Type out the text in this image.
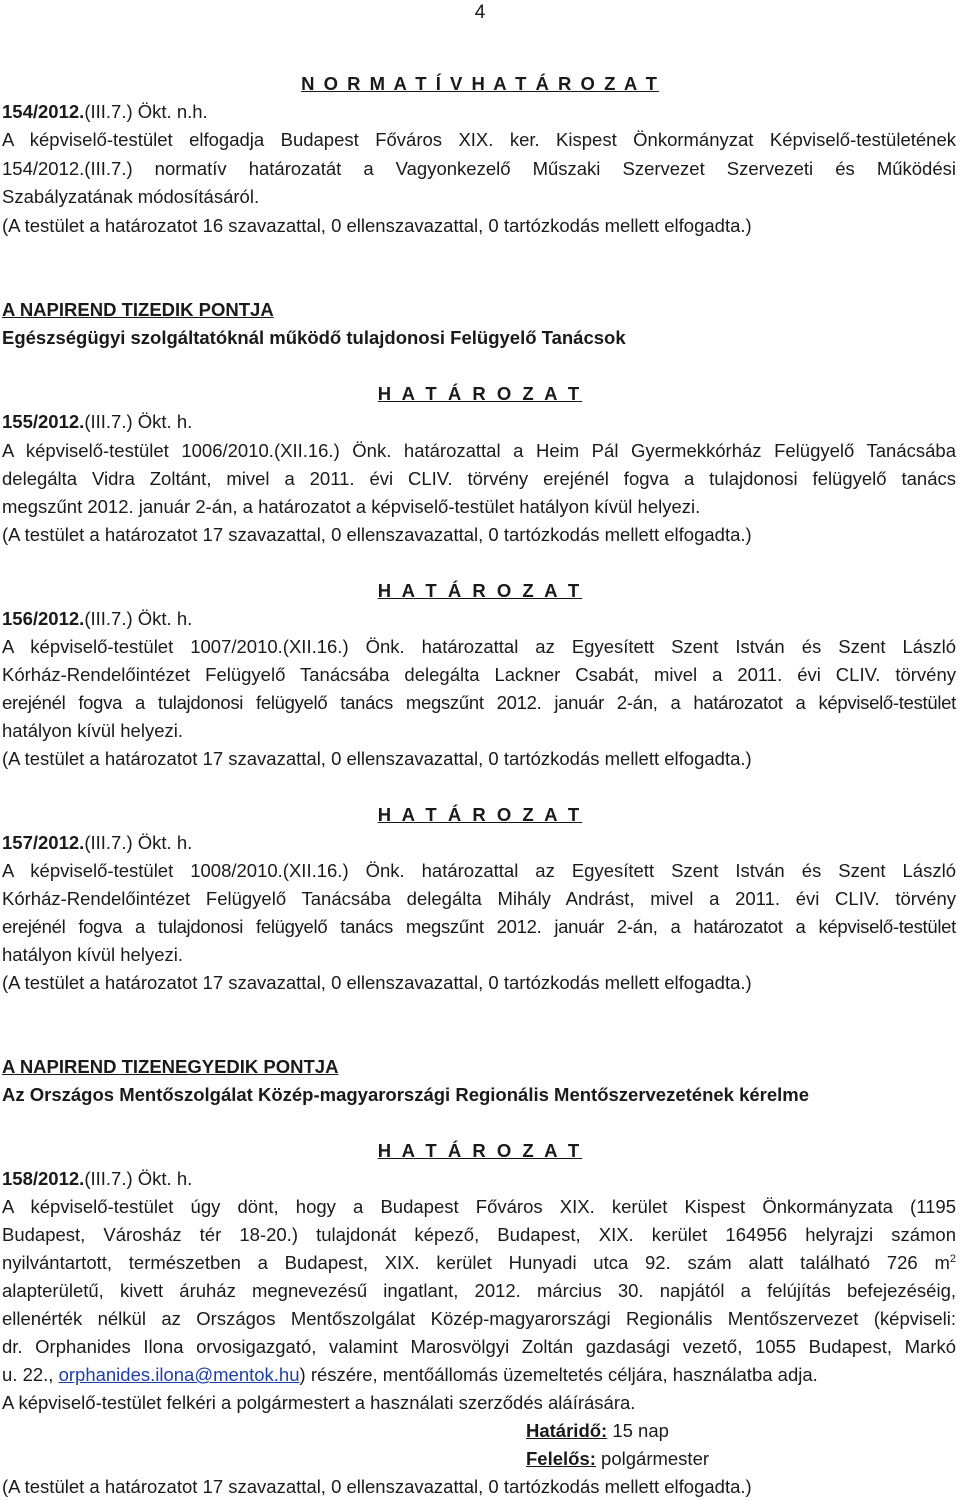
4
N O R M A T Í V H A T Á R O Z A T
154/2012.(III.7.) Ökt. n.h.
A képviselő-testület elfogadja Budapest Főváros XIX. ker. Kispest Önkormányzat Képviselő-testületének
154/2012.(III.7.) normatív határozatát a Vagyonkezelő Műszaki Szervezet Szervezeti és Működési
Szabályzatának módosításáról.
(A testület a határozatot 16 szavazattal, 0 ellenszavazattal, 0 tartózkodás mellett elfogadta.)
A NAPIREND TIZEDIK PONTJA
Egészségügyi szolgáltatóknál működő tulajdonosi Felügyelő Tanácsok
H A T Á R O Z A T
155/2012.(III.7.) Ökt. h.
A képviselő-testület 1006/2010.(XII.16.) Önk. határozattal a Heim Pál Gyermekkórház Felügyelő Tanácsába
delegálta Vidra Zoltánt, mivel a 2011. évi CLIV. törvény erejénél fogva a tulajdonosi felügyelő tanács
megszűnt 2012. január 2-án, a határozatot a képviselő-testület hatályon kívül helyezi.
(A testület a határozatot 17 szavazattal, 0 ellenszavazattal, 0 tartózkodás mellett elfogadta.)
H A T Á R O Z A T
156/2012.(III.7.) Ökt. h.
A képviselő-testület 1007/2010.(XII.16.) Önk. határozattal az Egyesített Szent István és Szent László
Kórház-Rendelőintézet Felügyelő Tanácsába delegálta Lackner Csabát, mivel a 2011. évi CLIV. törvény
erejénél fogva a tulajdonosi felügyelő tanács megszűnt 2012. január 2-án, a határozatot a képviselő-testület
hatályon kívül helyezi.
(A testület a határozatot 17 szavazattal, 0 ellenszavazattal, 0 tartózkodás mellett elfogadta.)
H A T Á R O Z A T
157/2012.(III.7.) Ökt. h.
A képviselő-testület 1008/2010.(XII.16.) Önk. határozattal az Egyesített Szent István és Szent László
Kórház-Rendelőintézet Felügyelő Tanácsába delegálta Mihály Andrást, mivel a 2011. évi CLIV. törvény
erejénél fogva a tulajdonosi felügyelő tanács megszűnt 2012. január 2-án, a határozatot a képviselő-testület
hatályon kívül helyezi.
(A testület a határozatot 17 szavazattal, 0 ellenszavazattal, 0 tartózkodás mellett elfogadta.)
A NAPIREND TIZENEGYEDIK PONTJA
Az Országos Mentőszolgálat Közép-magyarországi Regionális Mentőszervezetének kérelme
H A T Á R O Z A T
158/2012.(III.7.) Ökt. h.
A képviselő-testület úgy dönt, hogy a Budapest Főváros XIX. kerület Kispest Önkormányzata (1195
Budapest, Városház tér 18-20.) tulajdonát képező, Budapest, XIX. kerület 164956 helyrajzi számon
nyilvántartott, természetben a Budapest, XIX. kerület Hunyadi utca 92. szám alatt található 726 $m^2$
alapterületű, kivett áruház megnevezésű ingatlant, 2012. március 30. napjától a felújítás befejezéséig,
ellenérték nélkül az Országos Mentőszolgálat Közép-magyarországi Regionális Mentőszervezet (képviseli:
dr. Orphanides Ilona orvosigazgató, valamint Marosvölgyi Zoltán gazdasági vezető, 1055 Budapest, Markó
u. 22., orphanides.ilona@mentok.hu) részére, mentőállomás üzemeltetés céljára, használatba adja.
A képviselő-testület felkéri a polgármestert a használati szerződés aláírására.
Határidő: 15 nap
Felelős: polgármester
(A testület a határozatot 17 szavazattal, 0 ellenszavazattal, 0 tartózkodás mellett elfogadta.)
